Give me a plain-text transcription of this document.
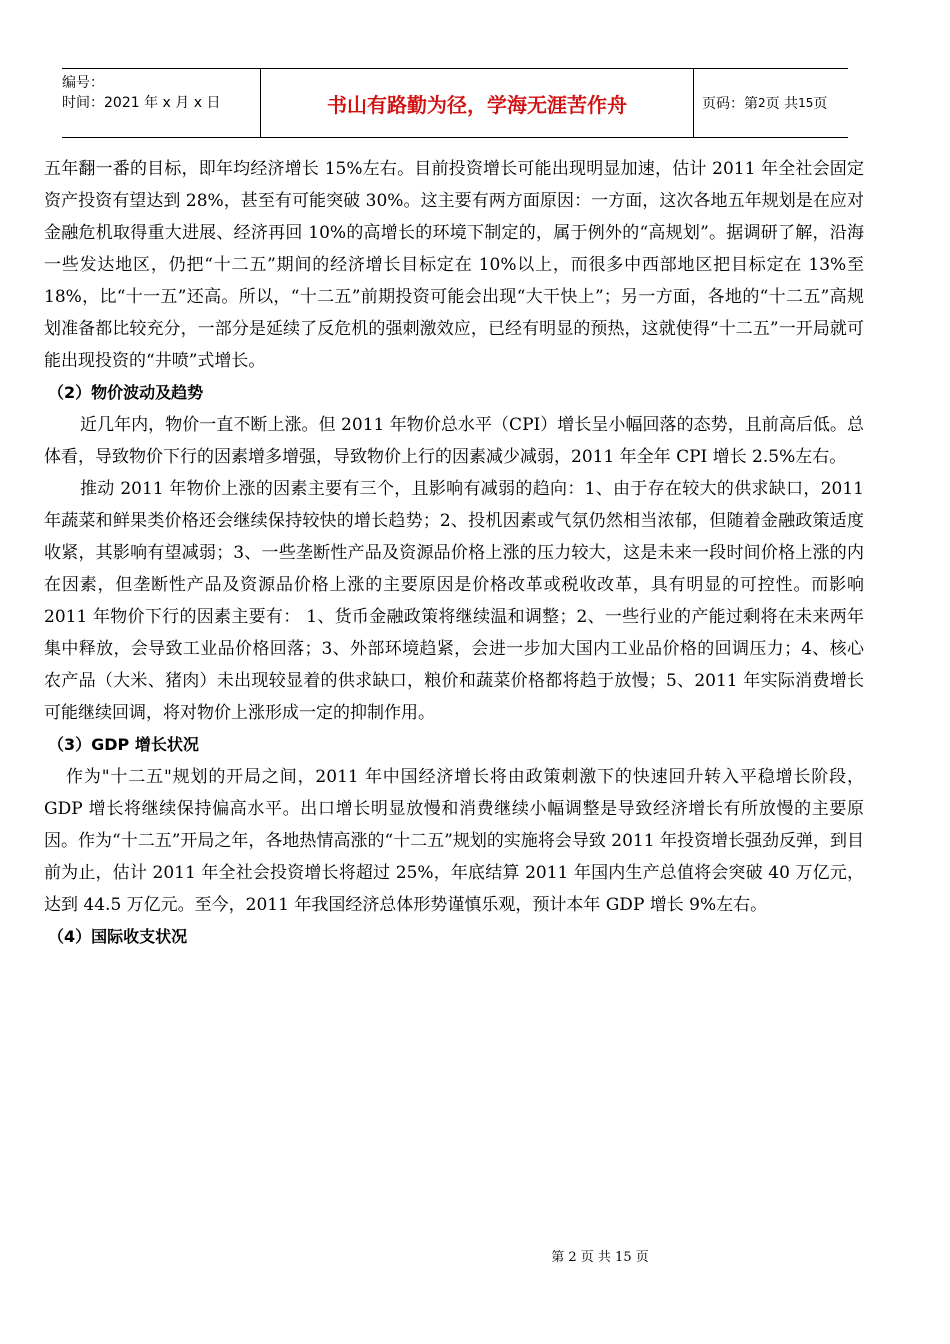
编号：
时间：2021 年 x 月 x 日	书山有路勤为径，学海无涯苦作舟	页码：第 2 页 共 15 页

五年翻一番的目标，即年均经济增长 15%左右。目前投资增长可能出现明显加速，估计 2011 年全社会固定资产投资有望达到 28%，甚至有可能突破 30%。这主要有两方面原因：一方面，这次各地五年规划是在应对金融危机取得重大进展、经济再回 10%的高增长的环境下制定的，属于例外的“高规划”。据调研了解，沿海一些发达地区，仍把“十二五”期间的经济增长目标定在 10%以上，而很多中西部地区把目标定在 13%至 18%，比“十一五”还高。所以，“十二五”前期投资可能会出现“大干快上”；另一方面，各地的“十二五”高规划准备都比较充分，一部分是延续了反危机的强刺激效应，已经有明显的预热，这就使得“十二五”一开局就可能出现投资的“井喷”式增长。

（2）物价波动及趋势

近几年内，物价一直不断上涨。但 2011 年物价总水平（CPI）增长呈小幅回落的态势，且前高后低。总体看，导致物价下行的因素增多增强，导致物价上行的因素减少减弱，2011 年全年 CPI 增长 2.5%左右。

推动 2011 年物价上涨的因素主要有三个，且影响有减弱的趋向：1、由于存在较大的供求缺口，2011 年蔬菜和鲜果类价格还会继续保持较快的增长趋势；2、投机因素或气氛仍然相当浓郁，但随着金融政策适度收紧，其影响有望减弱；3、一些垄断性产品及资源品价格上涨的压力较大，这是未来一段时间价格上涨的内在因素，但垄断性产品及资源品价格上涨的主要原因是价格改革或税收改革，具有明显的可控性。而影响 2011 年物价下行的因素主要有： 1、货币金融政策将继续温和调整；2、一些行业的产能过剩将在未来两年集中释放，会导致工业品价格回落；3、外部环境趋紧，会进一步加大国内工业品价格的回调压力；4、核心农产品（大米、猪肉）未出现较显着的供求缺口，粮价和蔬菜价格都将趋于放慢；5、2011 年实际消费增长可能继续回调，将对物价上涨形成一定的抑制作用。

（3）GDP 增长状况

作为"十二五"规划的开局之间，2011 年中国经济增长将由政策刺激下的快速回升转入平稳增长阶段，GDP 增长将继续保持偏高水平。出口增长明显放慢和消费继续小幅调整是导致经济增长有所放慢的主要原因。作为“十二五”开局之年，各地热情高涨的“十二五”规划的实施将会导致 2011 年投资增长强劲反弹，到目前为止，估计 2011 年全社会投资增长将超过 25%，年底结算 2011 年国内生产总值将会突破 40 万亿元，达到 44.5 万亿元。至今，2011 年我国经济总体形势谨慎乐观，预计本年 GDP 增长 9%左右。

（4）国际收支状况
第 2 页 共 15 页
